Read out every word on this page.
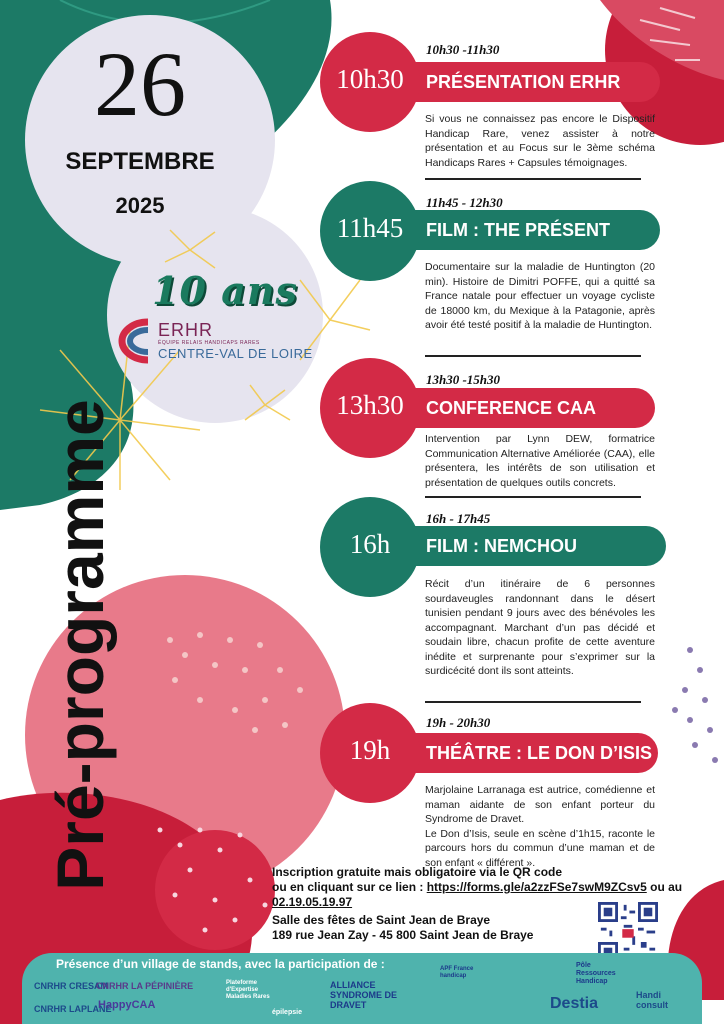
26
SEPTEMBRE
2025
10 ans
ERHR
ÉQUIPE RELAIS HANDICAPS RARES
CENTRE-VAL DE LOIRE
Pré-programme
10h30 -11h30
PRÉSENTATION ERHR
10h30
Si vous ne connaissez pas encore le Dispositif Handicap Rare, venez assister à notre présentation et au Focus sur le 3ème schéma Handicaps Rares + Capsules témoignages.
11h45 - 12h30
FILM : THE PRÉSENT
11h45
Documentaire sur la maladie de Huntington (20 min). Histoire de Dimitri POFFE, qui a quitté sa France natale pour effectuer un voyage cycliste de 18000 km, du Mexique à la Patagonie, après avoir été testé positif à la maladie de Huntington.
13h30 -15h30
CONFERENCE CAA
13h30
Intervention par Lynn DEW, formatrice Communication Alternative Améliorée (CAA), elle présentera, les intérêts de son utilisation et présentation de quelques outils concrets.
16h - 17h45
FILM : NEMCHOU
16h
Récit d’un itinéraire de 6 personnes sourdaveugles randonnant dans le désert tunisien pendant 9 jours avec des bénévoles les accompagnant. Marchant d’un pas décidé et soudain libre, chacun profite de cette aventure inédite et surprenante pour s’exprimer sur la surdicécité dont ils sont atteints.
19h - 20h30
THÉÂTRE : LE DON D’ISIS
19h
Marjolaine Larranaga est autrice, comédienne et maman aidante de son enfant porteur du Syndrome de Dravet.
Le Don d’Isis, seule en scène d’1h15, raconte le parcours hors du commun d’une maman et de son enfant « différent ».
Inscription gratuite mais obligatoire via le QR code
ou en cliquant sur ce lien : https://forms.gle/a2zzFSe7swM9ZCsv5 ou au
02.19.05.19.97
Salle des fêtes de Saint Jean de Braye
189 rue Jean Zay - 45 800 Saint Jean de Braye
Présence d’un village de stands, avec la participation de :
CNRHR CRESAM
CNRHR LA PÉPINIÈRE
CNRHR LAPLANE
HappyCAA
Plateforme d'Expertise Maladies Rares
épilepsie
ALLIANCE SYNDROME DE DRAVET
APF France handicap
Pôle Ressources Handicap
Destia	Handi consult
